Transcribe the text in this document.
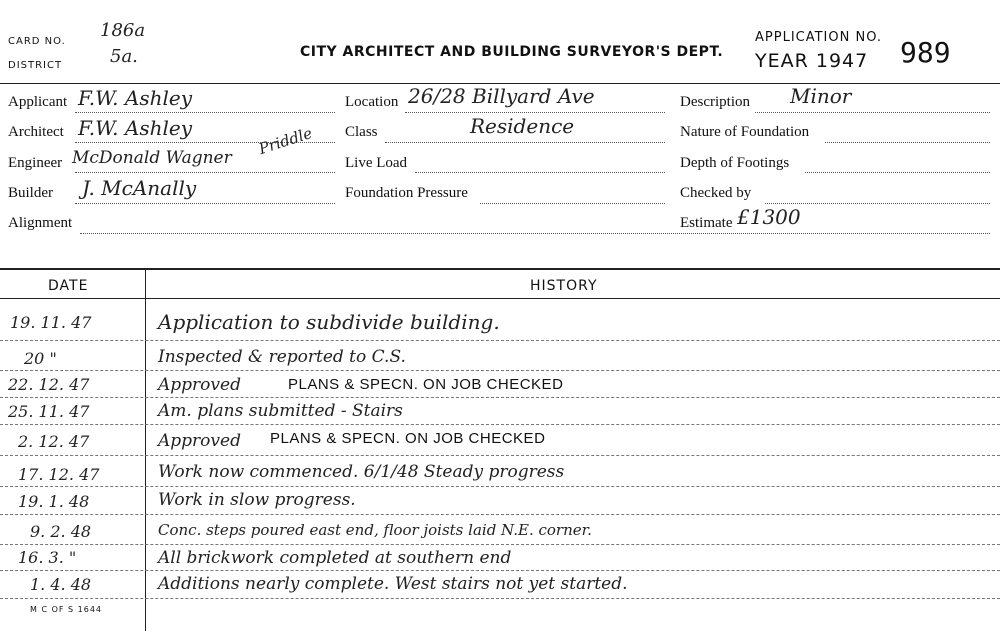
CARD NO.
186a
DISTRICT	5a.	CITY ARCHITECT AND BUILDING SURVEYOR'S DEPT.
APPLICATION NO.
YEAR 1947 989
Applicant F.W. Ashley
Architect F.W. Ashley
Engineer McDonald Wagner Priddle
Builder J. McAnally
Alignment
Location 26/28 Billyard Ave
Class	Residence
Live Load
Foundation Pressure
Description Minor
Nature of Foundation
Depth of Footings
Checked by
Estimate £1300
DATE	HISTORY
19. 11. 47	Application to subdivide building.
20 "	Inspected & reported to C.S.
22. 12. 47	Approved	PLANS & SPECN. ON JOB CHECKED
25. 11. 47	Am. plans submitted - Stairs
2. 12. 47	Approved PLANS & SPECN. ON JOB CHECKED
17. 12. 47	Work now commenced. 6/1/48 Steady progress
19. 1. 48	Work in slow progress.
9. 2. 48	Conc. steps poured east end, floor joists laid N.E. corner.
16. 3. "	All brickwork completed at southern end
1. 4. 48	Additions nearly complete. West stairs not yet started.
M C OF S 1644
